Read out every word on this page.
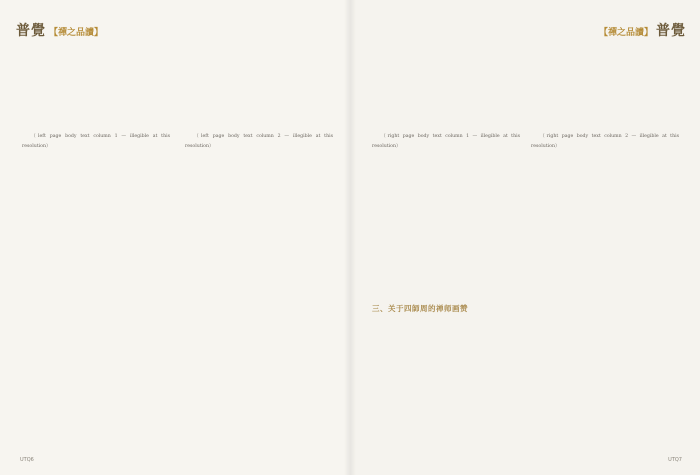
普覺 【禪之品讀】

（left page body text column 1 — illegible at this resolution）

（left page body text column 2 — illegible at this resolution）

UTQ6
【禪之品讀】 普覺
UTQ7

（right page body text column 1 — illegible at this resolution）

三、关于四師周的禅师画赞

（right page body text column 2 — illegible at this resolution）
